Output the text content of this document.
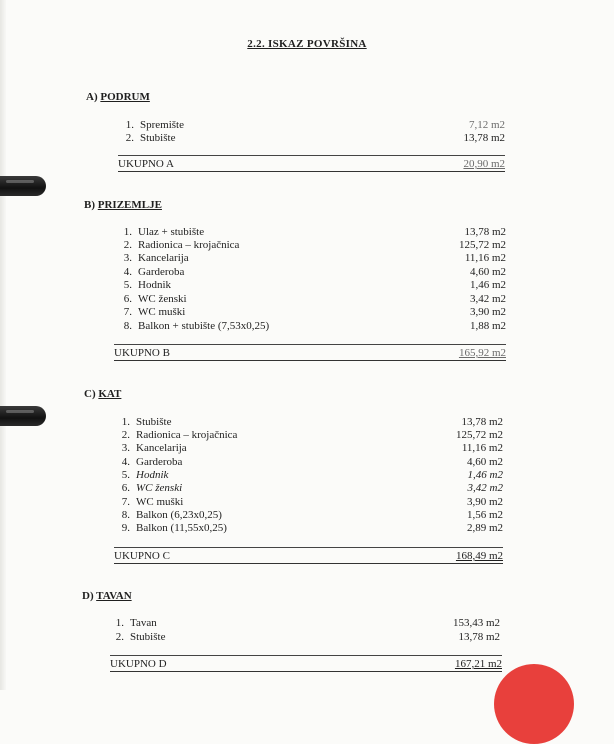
2.2. ISKAZ POVRŠINA
A) PODRUM
1. Spremište	7,12 m2
2. Stubište	13,78 m2
UKUPNO A	20,90 m2
B) PRIZEMLJE
1. Ulaz + stubište	13,78 m2
2. Radionica – krojačnica	125,72 m2
3. Kancelarija	11,16 m2
4. Garderoba	4,60 m2
5. Hodnik	1,46 m2
6. WC ženski	3,42 m2
7. WC muški	3,90 m2
8. Balkon + stubište (7,53x0,25)	1,88 m2
UKUPNO B	165,92 m2
C) KAT
1. Stubište	13,78 m2
2. Radionica – krojačnica	125,72 m2
3. Kancelarija	11,16 m2
4. Garderoba	4,60 m2
5. Hodnik	1,46 m2
6. WC ženski	3,42 m2
7. WC muški	3,90 m2
8. Balkon (6,23x0,25)	1,56 m2
9. Balkon (11,55x0,25)	2,89 m2
UKUPNO C	168,49 m2
D) TAVAN
1. Tavan	153,43 m2
2. Stubište	13,78 m2
UKUPNO D	167,21 m2
